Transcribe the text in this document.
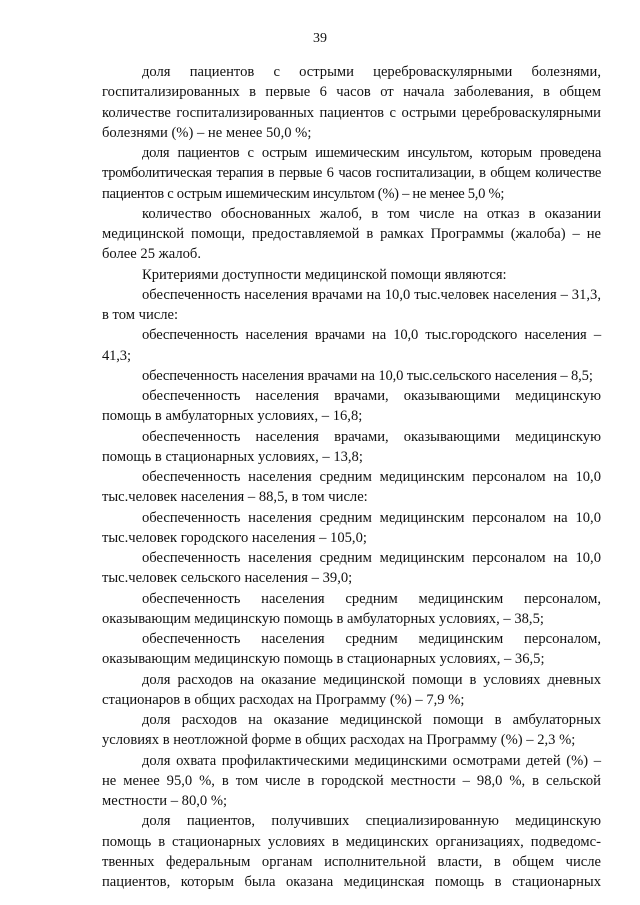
39

доля пациентов с острыми цереброваскулярными болезнями, госпитализированных в первые 6 часов от начала заболевания, в общем количестве госпитализированных пациентов с острыми цереброваскулярными болезнями (%) – не менее 50,0 %;

доля пациентов с острым ишемическим инсультом, которым проведена тромболитическая терапия в первые 6 часов госпитализации, в общем количестве пациентов с острым ишемическим инсультом (%) – не менее 5,0 %;

количество обоснованных жалоб, в том числе на отказ в оказании медицинской помощи, предоставляемой в рамках Программы (жалоба) – не более 25 жалоб.

Критериями доступности медицинской помощи являются:

обеспеченность населения врачами на 10,0 тыс.человек населения – 31,3, в том числе:

обеспеченность населения врачами на 10,0 тыс.городского населения – 41,3;

обеспеченность населения врачами на 10,0 тыс.сельского населения – 8,5;

обеспеченность населения врачами, оказывающими медицинскую помощь в амбулаторных условиях, – 16,8;

обеспеченность населения врачами, оказывающими медицинскую помощь в стационарных условиях, – 13,8;

обеспеченность населения средним медицинским персоналом на 10,0 тыс.человек населения – 88,5, в том числе:

обеспеченность населения средним медицинским персоналом на 10,0 тыс.человек городского населения – 105,0;

обеспеченность населения средним медицинским персоналом на 10,0 тыс.человек сельского населения – 39,0;

обеспеченность населения средним медицинским персоналом, оказывающим медицинскую помощь в амбулаторных условиях, – 38,5;

обеспеченность населения средним медицинским персоналом, оказывающим медицинскую помощь в стационарных условиях, – 36,5;

доля расходов на оказание медицинской помощи в условиях дневных стационаров в общих расходах на Программу (%) – 7,9 %;

доля расходов на оказание медицинской помощи в амбулаторных условиях в неотложной форме в общих расходах на Программу (%) – 2,3 %;

доля охвата профилактическими медицинскими осмотрами детей (%) – не менее 95,0 %, в том числе в городской местности – 98,0 %, в сельской местности – 80,0 %;

доля пациентов, получивших специализированную медицинскую помощь в стационарных условиях в медицинских организациях, подведомс-твенных федеральным органам исполнительной власти, в общем числе пациентов, которым была оказана медицинская помощь в стационарных
